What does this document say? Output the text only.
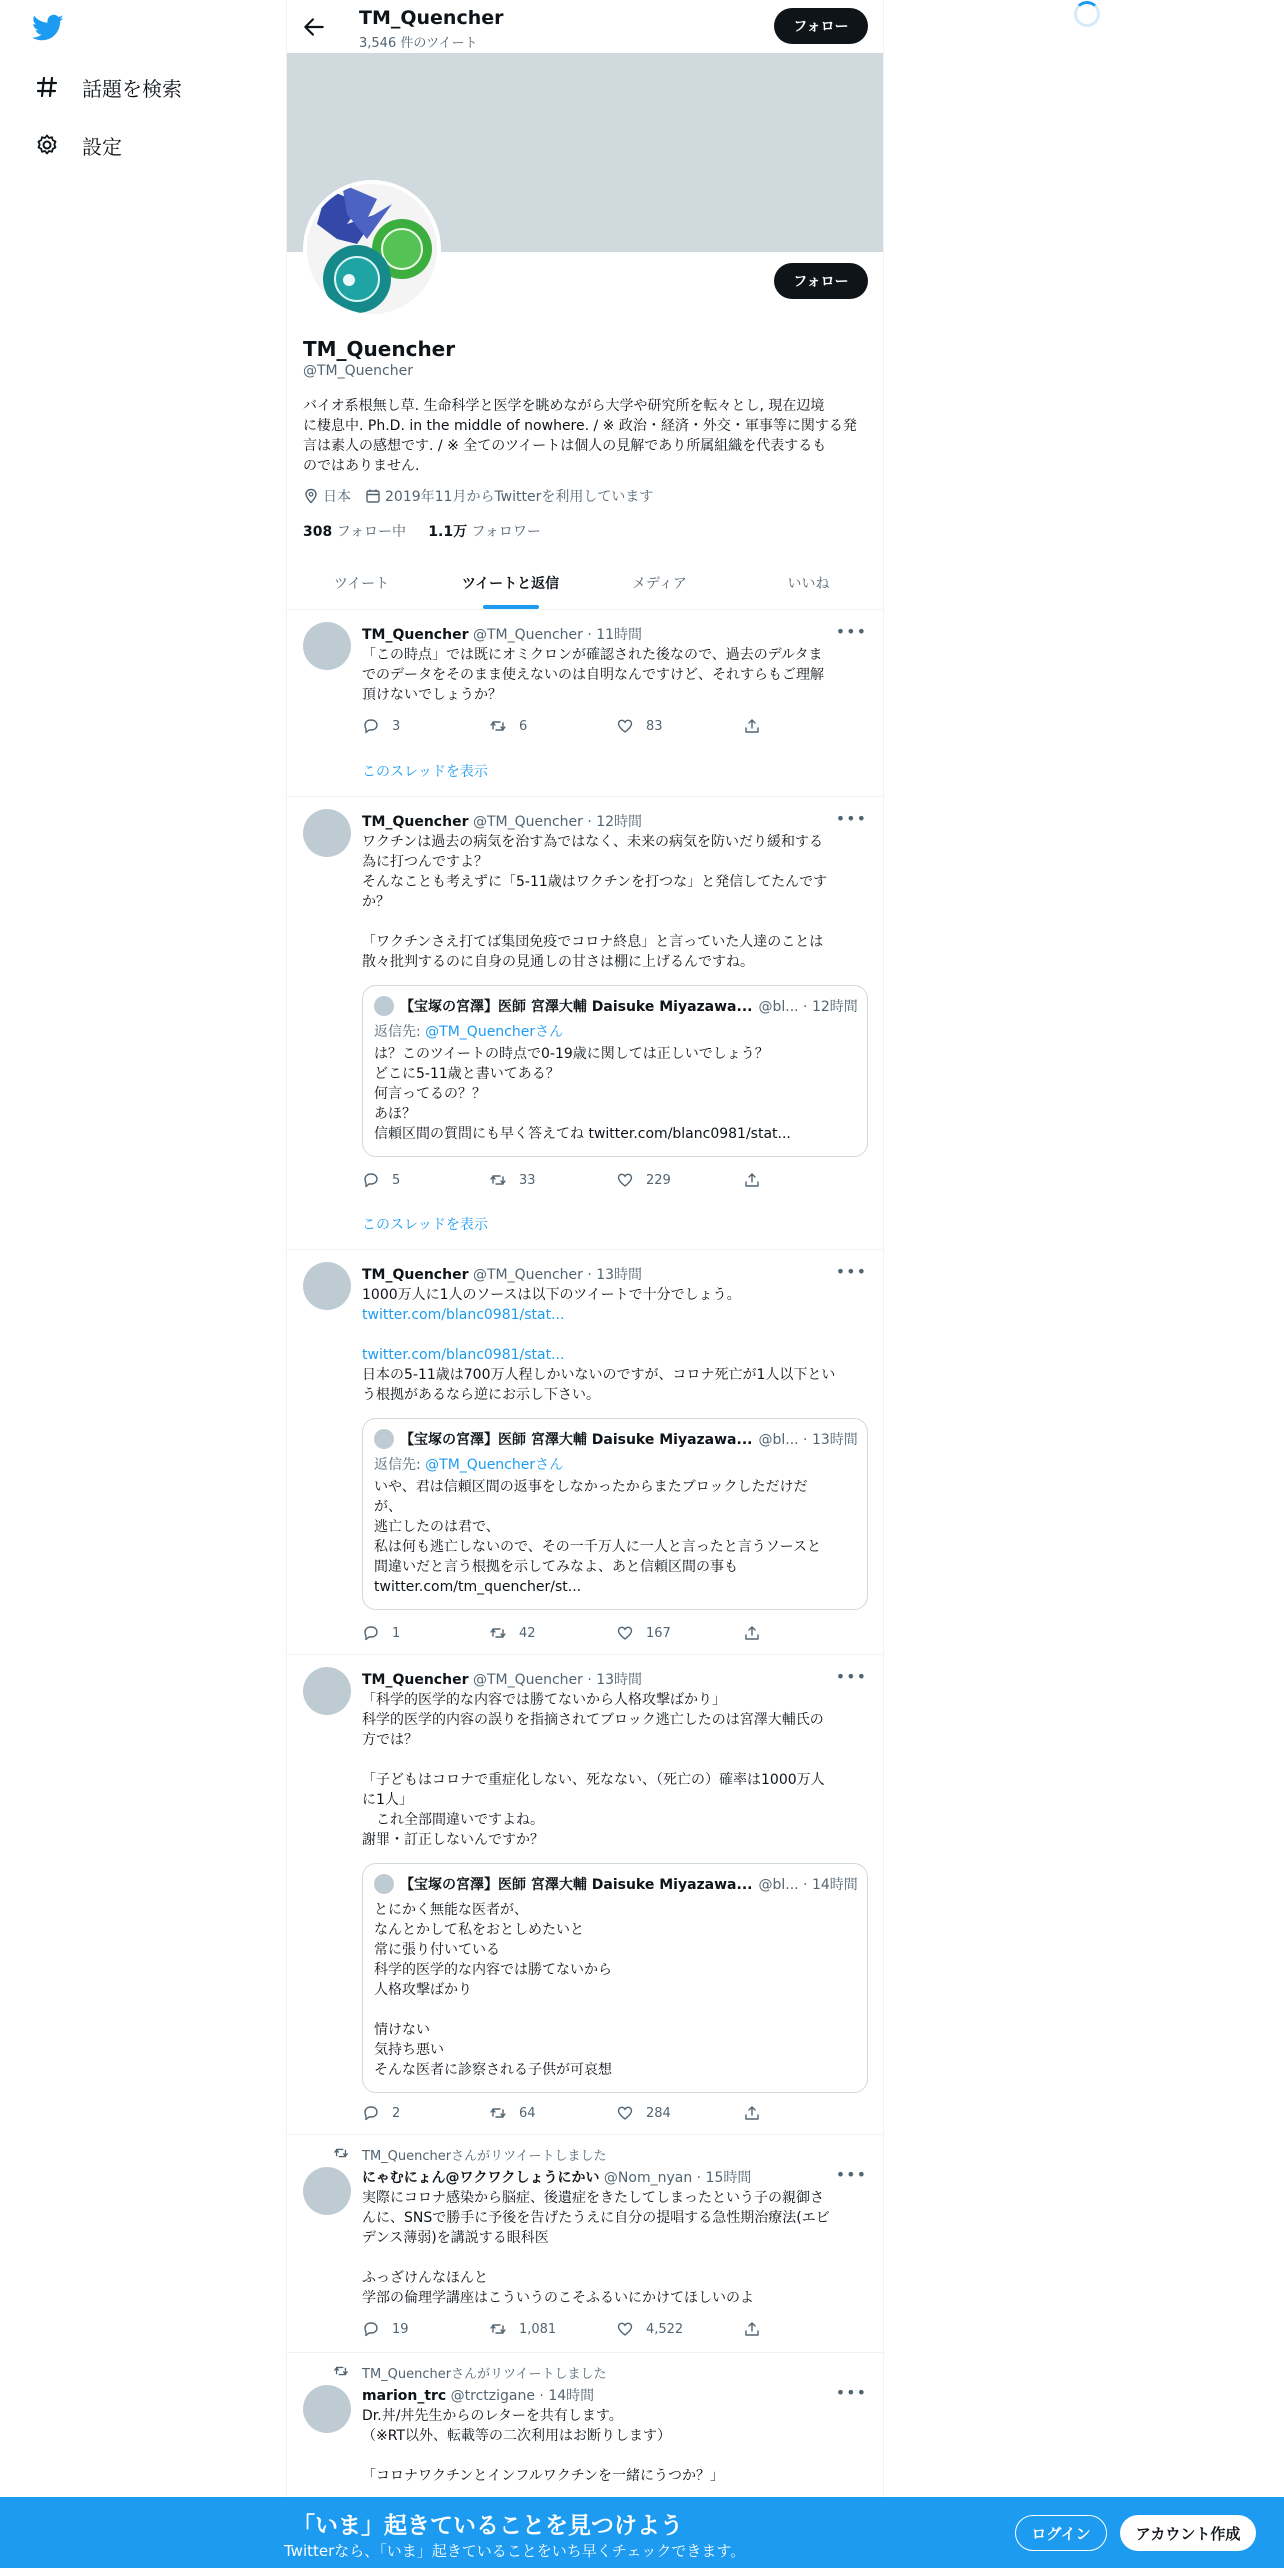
話題を検索
設定
TM_Quencher
3,546 件のツイート
フォロー
フォロー
TM_Quencher
@TM_Quencher
バイオ系根無し草. 生命科学と医学を眺めながら大学や研究所を転々とし, 現在辺境
に棲息中. Ph.D. in the middle of nowhere. / ※ 政治・経済・外交・軍事等に関する発
言は素人の感想です. / ※ 全てのツイートは個人の見解であり所属組織を代表するも
のではありません.
日本 2019年11月からTwitterを利用しています
308 フォロー中 1.1万 フォロワー
ツイート	ツイートと返信	メディア	いいね
TM_Quencher @TM_Quencher · 11時間	•••
「この時点」では既にオミクロンが確認された後なので、過去のデルタま
でのデータをそのまま使えないのは自明なんですけど、それすらもご理解
頂けないでしょうか？
3	6	83
このスレッドを表示
TM_Quencher @TM_Quencher · 12時間	•••
ワクチンは過去の病気を治す為ではなく、未来の病気を防いだり緩和する
為に打つんですよ？
そんなことも考えずに「5-11歳はワクチンを打つな」と発信してたんです
か？

「ワクチンさえ打てば集団免疫でコロナ終息」と言っていた人達のことは
散々批判するのに自身の見通しの甘さは棚に上げるんですね。
【宝塚の宮澤】医師 宮澤大輔 Daisuke Miyazawa... @bl... · 12時間
返信先: @TM_Quencherさん
は？このツイートの時点で0-19歳に関しては正しいでしょう？
どこに5-11歳と書いてある？
何言ってるの？？
あほ？
信頼区間の質問にも早く答えてね twitter.com/blanc0981/stat...
5	33	229
このスレッドを表示
TM_Quencher @TM_Quencher · 13時間	•••
1000万人に1人のソースは以下のツイートで十分でしょう。
twitter.com/blanc0981/stat...

twitter.com/blanc0981/stat...
日本の5-11歳は700万人程しかいないのですが、コロナ死亡が1人以下とい
う根拠があるなら逆にお示し下さい。
【宝塚の宮澤】医師 宮澤大輔 Daisuke Miyazawa... @bl... · 13時間
返信先: @TM_Quencherさん
いや、君は信頼区間の返事をしなかったからまたブロックしただけだ
が、
逃亡したのは君で、
私は何も逃亡しないので、その一千万人に一人と言ったと言うソースと
間違いだと言う根拠を示してみなよ、あと信頼区間の事も
twitter.com/tm_quencher/st...
1	42	167
TM_Quencher @TM_Quencher · 13時間	•••
「科学的医学的な内容では勝てないから人格攻撃ばかり」
科学的医学的内容の誤りを指摘されてブロック逃亡したのは宮澤大輔氏の
方では？

「子どもはコロナで重症化しない、死なない、（死亡の）確率は1000万人
に1人」
　これ全部間違いですよね。
謝罪・訂正しないんですか？
【宝塚の宮澤】医師 宮澤大輔 Daisuke Miyazawa... @bl... · 14時間
とにかく無能な医者が、
なんとかして私をおとしめたいと
常に張り付いている
科学的医学的な内容では勝てないから
人格攻撃ばかり

情けない
気持ち悪い
そんな医者に診察される子供が可哀想
2	64	284
TM_Quencherさんがリツイートしました
にゃむにょん@ワクワクしょうにかい @Nom_nyan · 15時間	•••
実際にコロナ感染から脳症、後遺症をきたしてしまったという子の親御さ
んに、SNSで勝手に予後を告げたうえに自分の提唱する急性期治療法(エビ
デンス薄弱)を講説する眼科医

ふっざけんなほんと
学部の倫理学講座はこういうのこそふるいにかけてほしいのよ
19	1,081	4,522
TM_Quencherさんがリツイートしました
marion_trc @trctzigane · 14時間	•••
Dr.丼/丼先生からのレターを共有します。
（※RT以外、転載等の二次利用はお断りします）

「コロナワクチンとインフルワクチンを一緒にうつか？」
「いま」起きていることを見つけよう
Twitterなら、「いま」起きていることをいち早くチェックできます。
ログイン	アカウント作成
